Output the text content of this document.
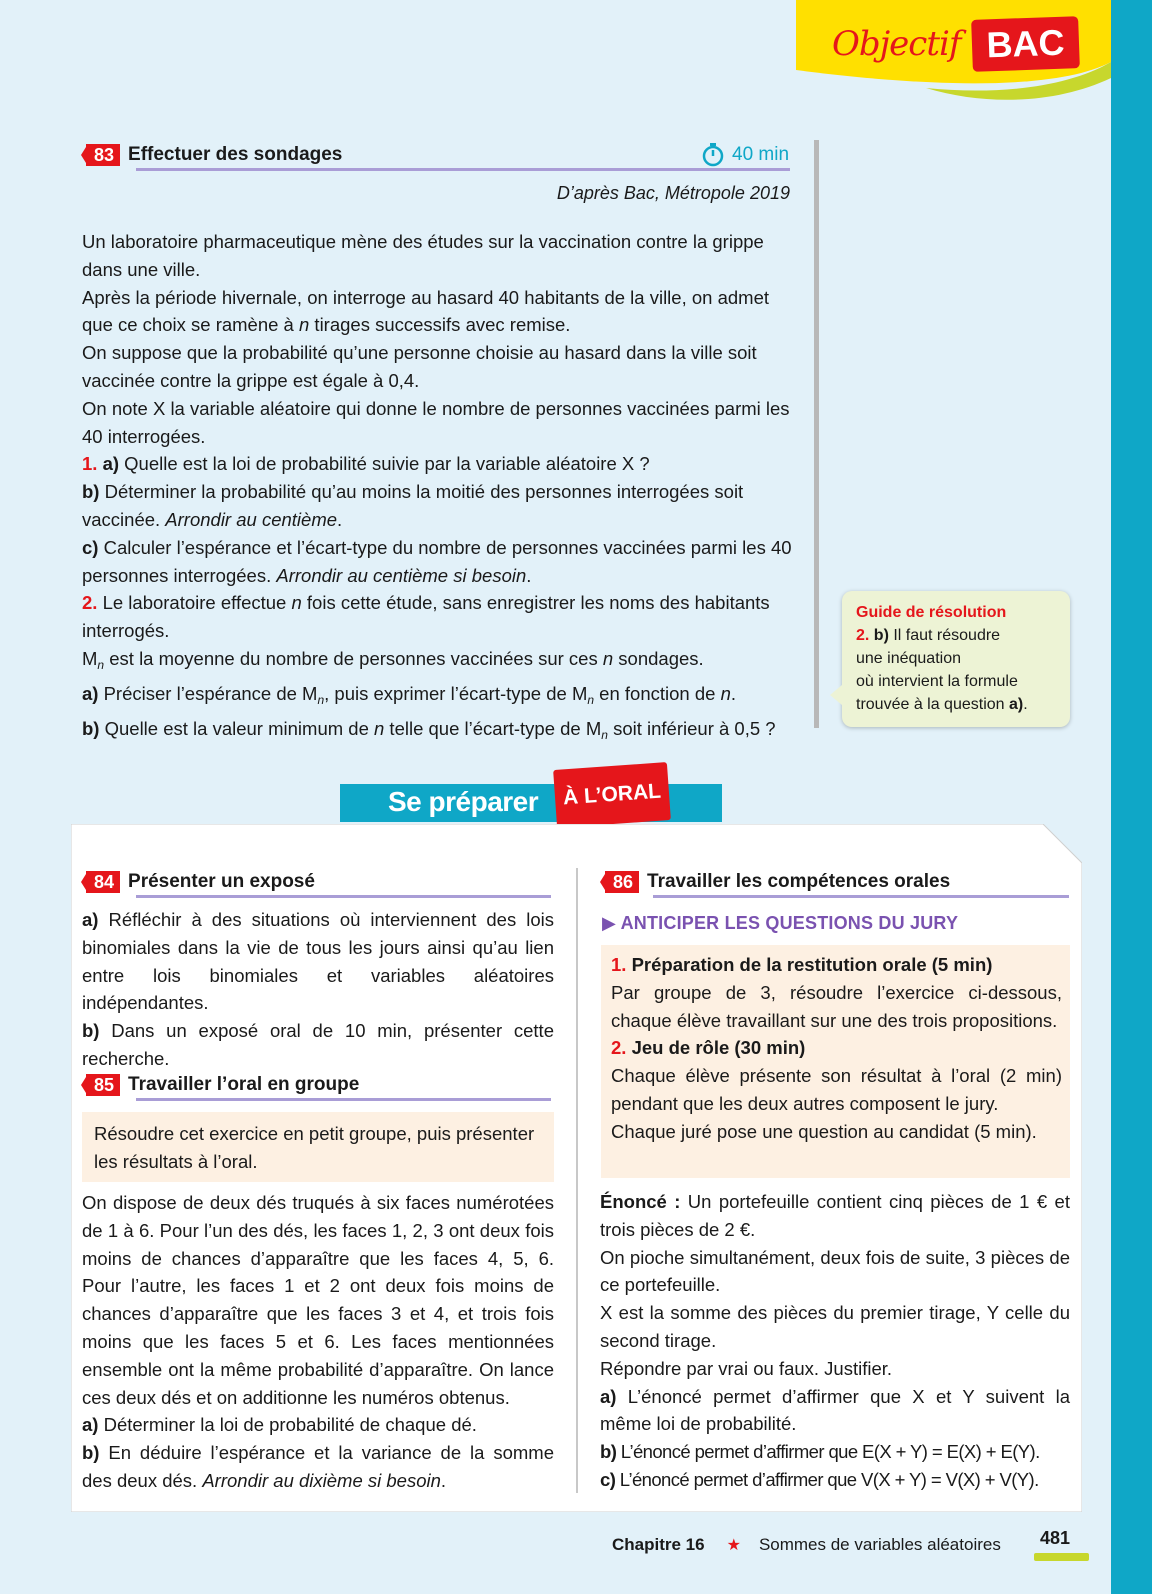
Objectif BAC
83 Effectuer des sondages	40 min
D’après Bac, Métropole 2019

Un laboratoire pharmaceutique mène des études sur la vaccination contre la grippe dans une ville.

Après la période hivernale, on interroge au hasard 40 habitants de la ville, on admet que ce choix se ramène à n tirages successifs avec remise.

On suppose que la probabilité qu’une personne choisie au hasard dans la ville soit vaccinée contre la grippe est égale à 0,4.

On note X la variable aléatoire qui donne le nombre de personnes vaccinées parmi les 40 interrogées.

1. a) Quelle est la loi de probabilité suivie par la variable aléatoire X ?

b) Déterminer la probabilité qu’au moins la moitié des personnes interrogées soit vaccinée. Arrondir au centième.

c) Calculer l’espérance et l’écart-type du nombre de personnes vaccinées parmi les 40 personnes interrogées. Arrondir au centième si besoin.

2. Le laboratoire effectue n fois cette étude, sans enregistrer les noms des habitants interrogés.

$M_n$ est la moyenne du nombre de personnes vaccinées sur ces n sondages.

a) Préciser l’espérance de $M_n$, puis exprimer l’écart-type de $M_n$ en fonction de n.

b) Quelle est la valeur minimum de n telle que l’écart-type de $M_n$ soit inférieur à 0,5 ?

Guide de résolution
2. b) Il faut résoudre
une inéquation
où intervient la formule
trouvée à la question a).
Se préparer	À L’ORAL
84 Présenter un exposé

a) Réfléchir à des situations où interviennent des lois binomiales dans la vie de tous les jours ainsi qu’au lien entre lois binomiales et variables aléatoires indépendantes.

b) Dans un exposé oral de 10 min, présenter cette recherche.

85 Travailler l’oral en groupe
Résoudre cet exercice en petit groupe, puis présenter les résultats à l’oral.

On dispose de deux dés truqués à six faces numérotées de 1 à 6. Pour l’un des dés, les faces 1, 2, 3 ont deux fois moins de chances d’apparaître que les faces 4, 5, 6. Pour l’autre, les faces 1 et 2 ont deux fois moins de chances d’apparaître que les faces 3 et 4, et trois fois moins que les faces 5 et 6. Les faces mentionnées ensemble ont la même probabilité d’apparaître. On lance ces deux dés et on additionne les numéros obtenus.

a) Déterminer la loi de probabilité de chaque dé.

b) En déduire l’espérance et la variance de la somme des deux dés. Arrondir au dixième si besoin.

86 Travailler les compétences orales
▶ ANTICIPER LES QUESTIONS DU JURY

1. Préparation de la restitution orale (5 min)

Par groupe de 3, résoudre l’exercice ci-dessous, chaque élève travaillant sur une des trois propositions.

2. Jeu de rôle (30 min)

Chaque élève présente son résultat à l’oral (2 min) pendant que les deux autres composent le jury.

Chaque juré pose une question au candidat (5 min).

Énoncé : Un portefeuille contient cinq pièces de 1 € et trois pièces de 2 €.

On pioche simultanément, deux fois de suite, 3 pièces de ce portefeuille.

X est la somme des pièces du premier tirage, Y celle du second tirage.

Répondre par vrai ou faux. Justifier.

a) L’énoncé permet d’affirmer que X et Y suivent la même loi de probabilité.

b) L’énoncé permet d’affirmer que E(X + Y) = E(X) + E(Y).

c) L’énoncé permet d’affirmer que V(X + Y) = V(X) + V(Y).

Chapitre 16 ★ Sommes de variables aléatoires 481
